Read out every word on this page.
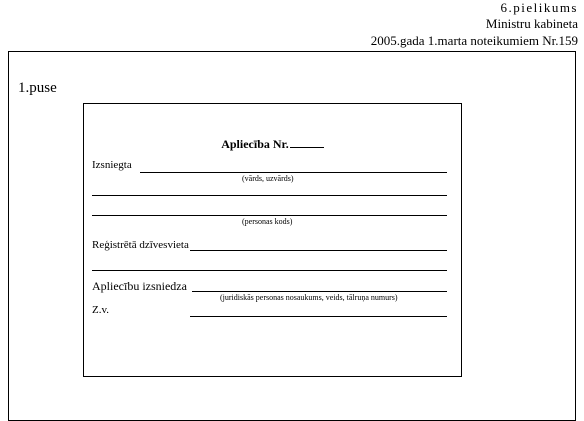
6.pielikums
Ministru kabineta
2005.gada 1.marta noteikumiem Nr.159
1.puse
Apliecība Nr.
Izsniegta
(vārds, uzvārds)
(personas kods)
Reģistrētā dzīvesvieta
Apliecību izsniedza
(juridiskās personas nosaukums, veids, tālruņa numurs)
Z.v.
